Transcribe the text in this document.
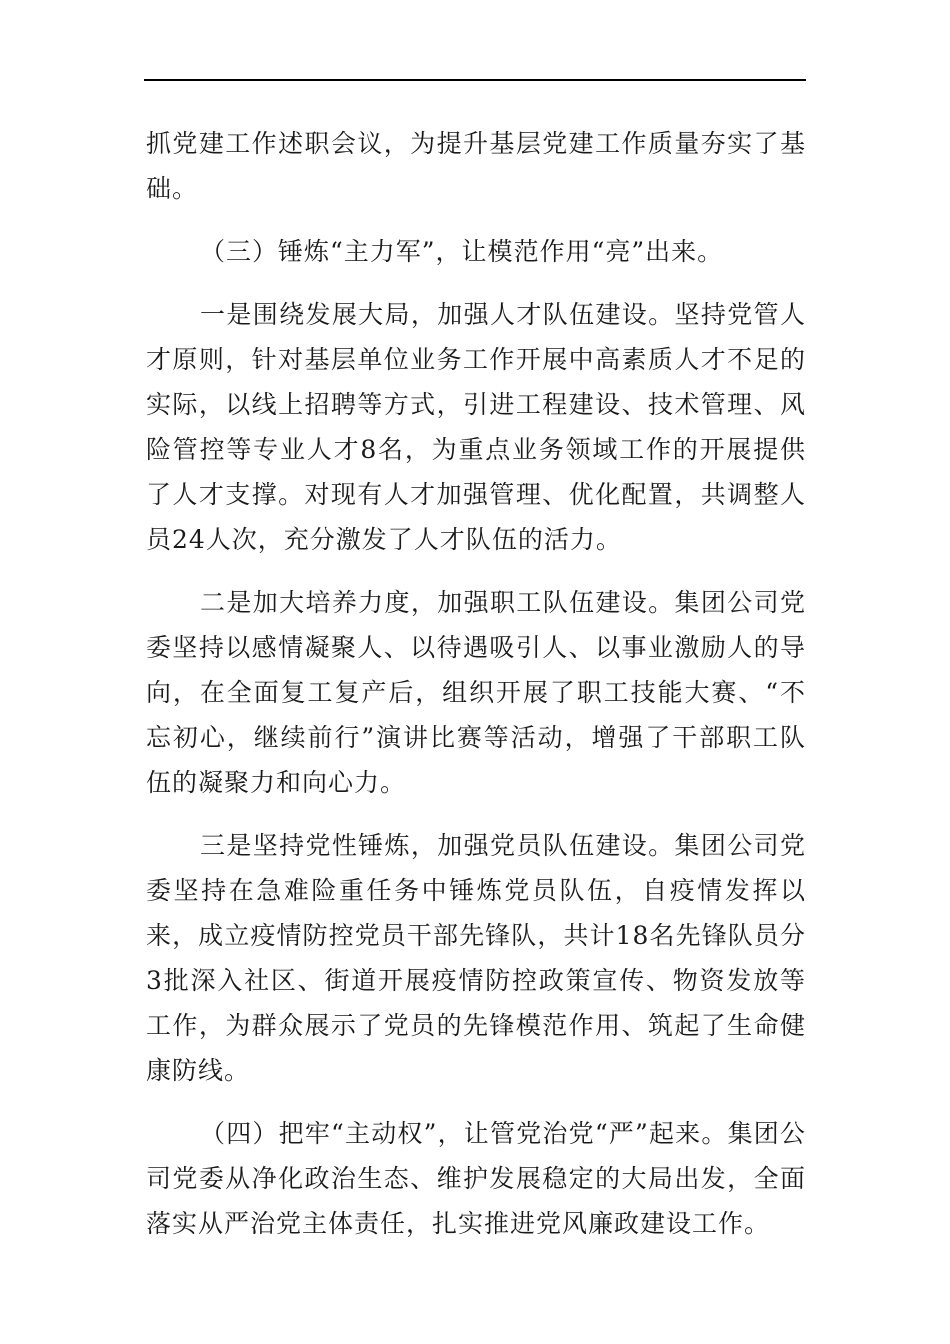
抓党建工作述职会议，为提升基层党建工作质量夯实了基础。

（三）锤炼“主力军”，让模范作用“亮”出来。

一是围绕发展大局，加强人才队伍建设。坚持党管人才原则，针对基层单位业务工作开展中高素质人才不足的实际，以线上招聘等方式，引进工程建设、技术管理、风险管控等专业人才8名，为重点业务领域工作的开展提供了人才支撑。对现有人才加强管理、优化配置，共调整人员24人次，充分激发了人才队伍的活力。

二是加大培养力度，加强职工队伍建设。集团公司党委坚持以感情凝聚人、以待遇吸引人、以事业激励人的导向，在全面复工复产后，组织开展了职工技能大赛、“不忘初心，继续前行”演讲比赛等活动，增强了干部职工队伍的凝聚力和向心力。

三是坚持党性锤炼，加强党员队伍建设。集团公司党委坚持在急难险重任务中锤炼党员队伍，自疫情发挥以来，成立疫情防控党员干部先锋队，共计18名先锋队员分3批深入社区、街道开展疫情防控政策宣传、物资发放等工作，为群众展示了党员的先锋模范作用、筑起了生命健康防线。

（四）把牢“主动权”，让管党治党“严”起来。集团公司党委从净化政治生态、维护发展稳定的大局出发，全面落实从严治党主体责任，扎实推进党风廉政建设工作。
